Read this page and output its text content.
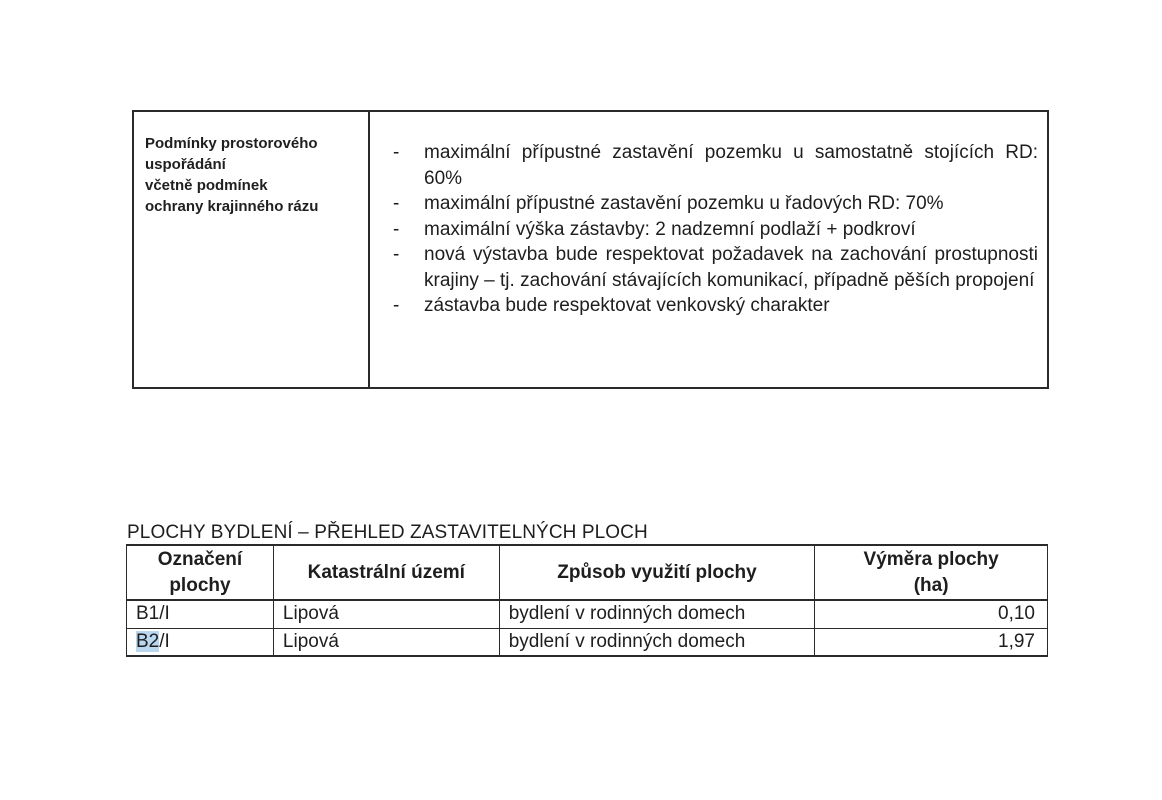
Podmínky prostorového
uspořádání
včetně podmínek
ochrany krajinného rázu
- maximální přípustné zastavění pozemku u samostatně stojících RD: 60%
- maximální přípustné zastavění pozemku u řadových RD: 70%
- maximální výška zástavby: 2 nadzemní podlaží + podkroví
- nová výstavba bude respektovat požadavek na zachování prostupnosti krajiny – tj. zachování stávajících komunikací, případně pěších propojení
- zástavba bude respektovat venkovský charakter
PLOCHY BYDLENÍ – PŘEHLED ZASTAVITELNÝCH PLOCH
Označení
plochy	Katastrální území	Způsob využití plochy	Výměra plochy
(ha)
B1/I	Lipová	bydlení v rodinných domech	0,10
B2/I	Lipová	bydlení v rodinných domech	1,97
